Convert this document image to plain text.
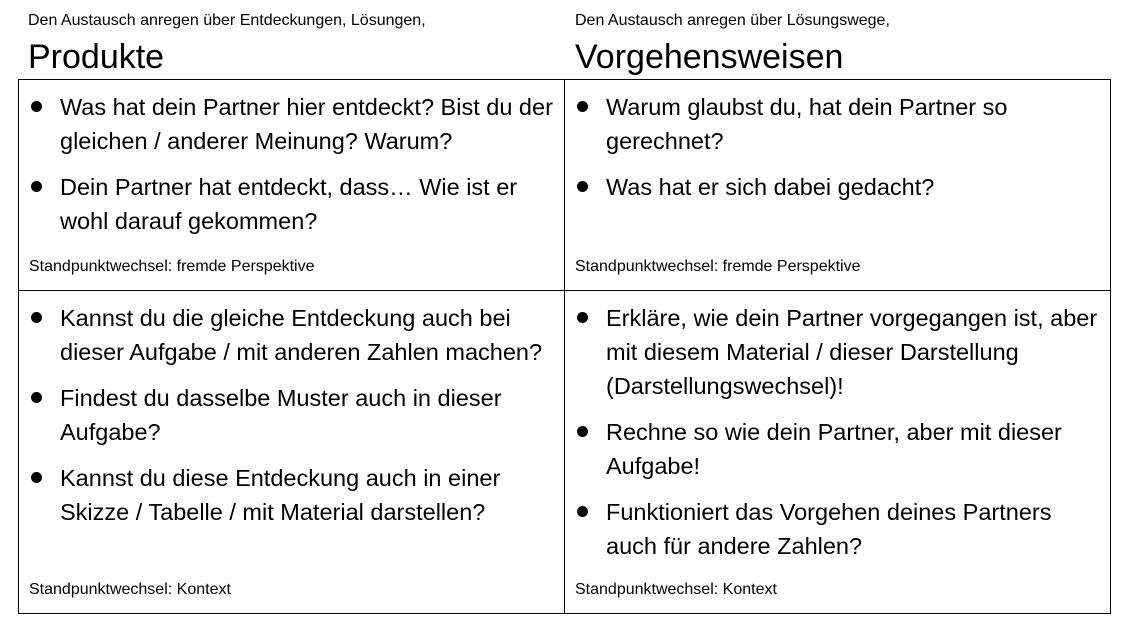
Den Austausch anregen über Entdeckungen, Lösungen,
Produkte
Den Austausch anregen über Lösungswege,
Vorgehensweisen
Was hat dein Partner hier entdeckt? Bist du der gleichen / anderer Meinung? Warum?
Dein Partner hat entdeckt, dass… Wie ist er wohl darauf gekommen?
Standpunktwechsel: fremde Perspektive
Warum glaubst du, hat dein Partner so gerechnet?
Was hat er sich dabei gedacht?
Standpunktwechsel: fremde Perspektive
Kannst du die gleiche Entdeckung auch bei dieser Aufgabe / mit anderen Zahlen machen?
Findest du dasselbe Muster auch in dieser Aufgabe?
Kannst du diese Entdeckung auch in einer Skizze / Tabelle / mit Material darstellen?
Standpunktwechsel: Kontext
Erkläre, wie dein Partner vorgegangen ist, aber mit diesem Material / dieser Darstellung (Darstellungswechsel)!
Rechne so wie dein Partner, aber mit dieser Aufgabe!
Funktioniert das Vorgehen deines Partners auch für andere Zahlen?
Standpunktwechsel: Kontext
